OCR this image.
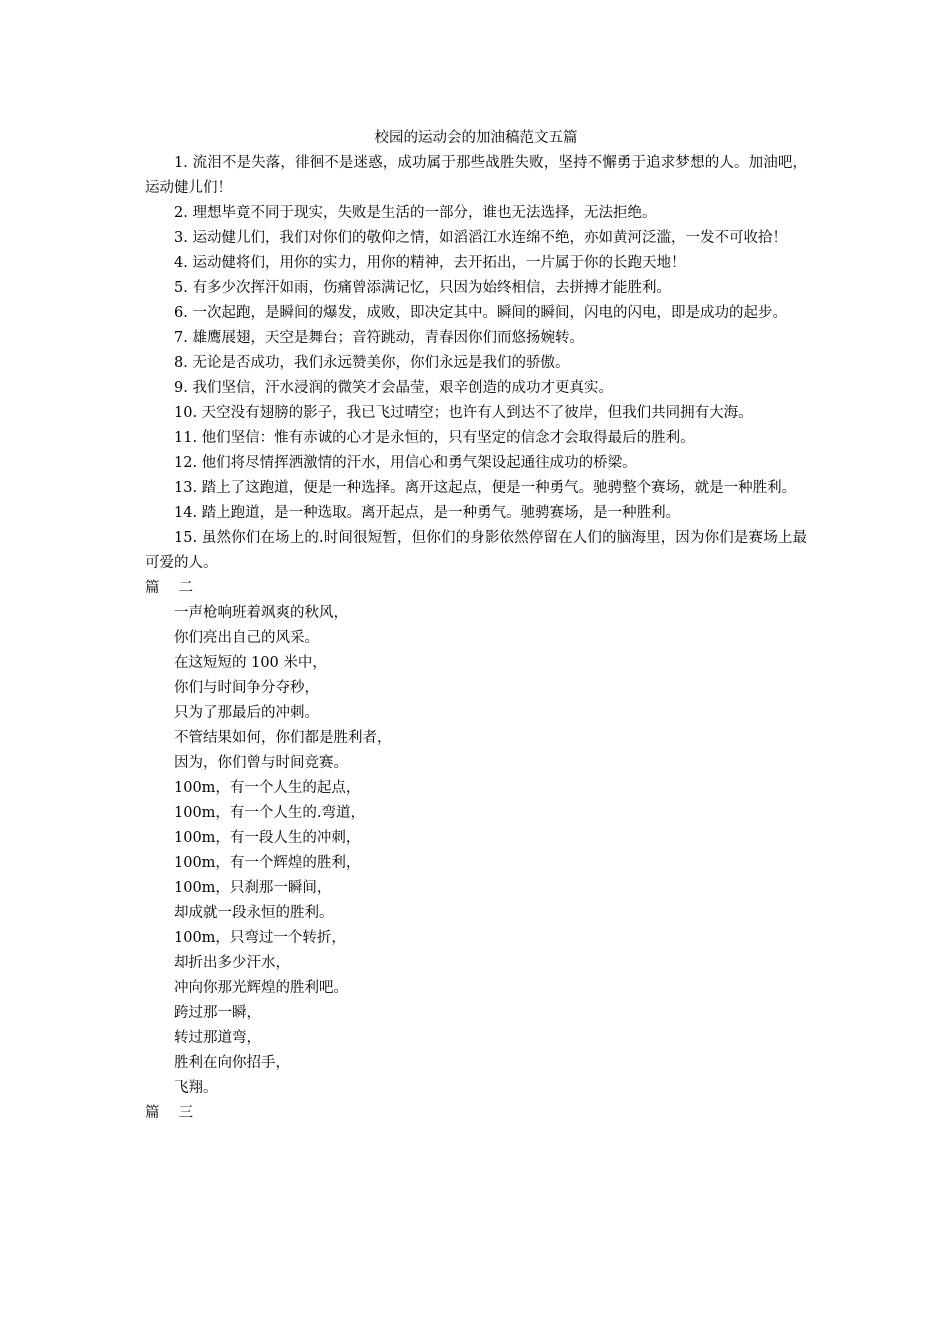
校园的运动会的加油稿范文五篇

1. 流泪不是失落，徘徊不是迷惑，成功属于那些战胜失败，坚持不懈勇于追求梦想的人。加油吧，运动健儿们！

2. 理想毕竟不同于现实，失败是生活的一部分，谁也无法选择，无法拒绝。

3. 运动健儿们，我们对你们的敬仰之情，如滔滔江水连绵不绝，亦如黄河泛滥，一发不可收拾！

4. 运动健将们，用你的实力，用你的精神，去开拓出，一片属于你的长跑天地！

5. 有多少次挥汗如雨，伤痛曾添满记忆，只因为始终相信，去拼搏才能胜利。

6. 一次起跑，是瞬间的爆发，成败，即决定其中。瞬间的瞬间，闪电的闪电，即是成功的起步。

7. 雄鹰展翅，天空是舞台；音符跳动，青春因你们而悠扬婉转。

8. 无论是否成功，我们永远赞美你，你们永远是我们的骄傲。

9. 我们坚信，汗水浸润的微笑才会晶莹，艰辛创造的成功才更真实。

10. 天空没有翅膀的影子，我已飞过晴空；也许有人到达不了彼岸，但我们共同拥有大海。

11. 他们坚信：惟有赤诚的心才是永恒的，只有坚定的信念才会取得最后的胜利。

12. 他们将尽情挥洒激情的汗水，用信心和勇气架设起通往成功的桥梁。

13. 踏上了这跑道，便是一种选择。离开这起点，便是一种勇气。驰骋整个赛场，就是一种胜利。

14. 踏上跑道，是一种选取。离开起点，是一种勇气。驰骋赛场，是一种胜利。

15. 虽然你们在场上的.时间很短暂，但你们的身影依然停留在人们的脑海里，因为你们是赛场上最可爱的人。

篇 二

一声枪响班着飒爽的秋风，

你们亮出自己的风采。

在这短短的 100 米中，

你们与时间争分夺秒，

只为了那最后的冲刺。

不管结果如何，你们都是胜利者，

因为，你们曾与时间竞赛。

100m，有一个人生的起点，

100m，有一个人生的.弯道，

100m，有一段人生的冲刺，

100m，有一个辉煌的胜利，

100m，只刹那一瞬间，

却成就一段永恒的胜利。

100m，只弯过一个转折，

却折出多少汗水，

冲向你那光辉煌的胜利吧。

跨过那一瞬，

转过那道弯，

胜利在向你招手，

飞翔。

篇 三
